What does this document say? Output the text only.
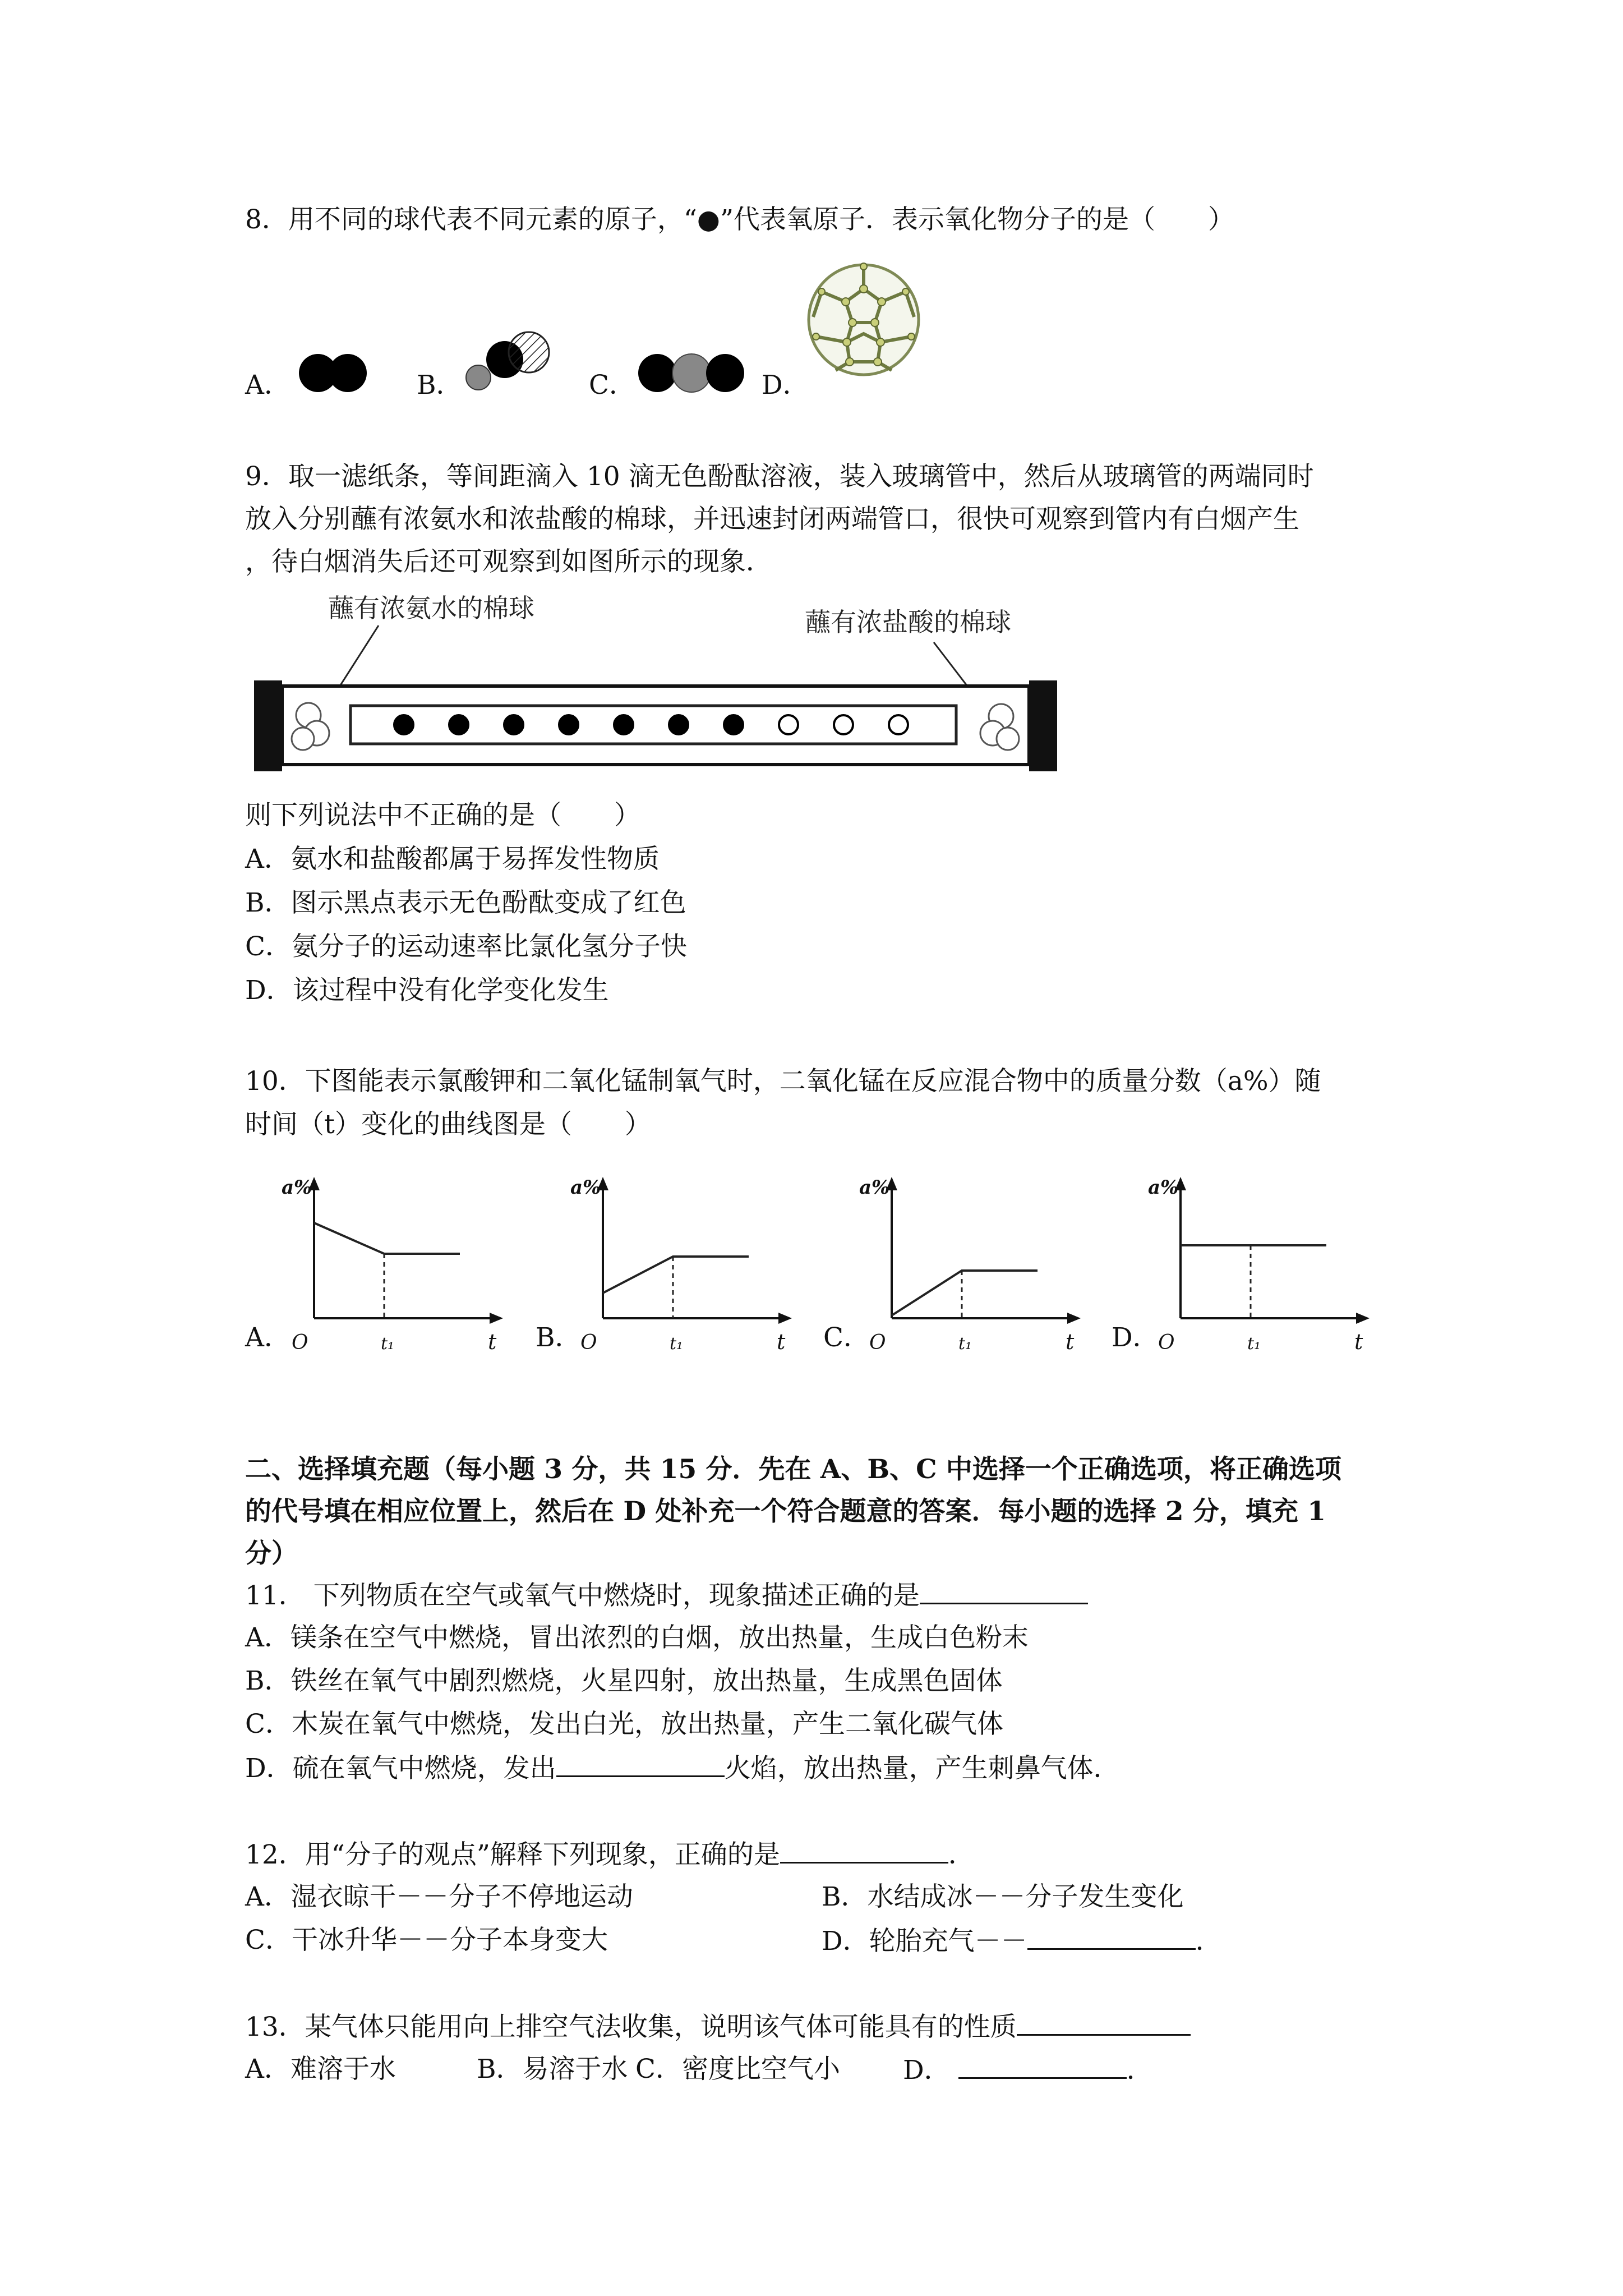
8．用不同的球代表不同元素的原子，“●”代表氧原子．表示氧化物分子的是（　　）
A．	B．	C．	D．
9．取一滤纸条，等间距滴入 10 滴无色酚酞溶液，装入玻璃管中，然后从玻璃管的两端同时
放入分别蘸有浓氨水和浓盐酸的棉球，并迅速封闭两端管口，很快可观察到管内有白烟产生
，待白烟消失后还可观察到如图所示的现象．
蘸有浓氨水的棉球	蘸有浓盐酸的棉球
则下列说法中不正确的是（　　）
A．氨水和盐酸都属于易挥发性物质
B．图示黑点表示无色酚酞变成了红色
C．氨分子的运动速率比氯化氢分子快
D．该过程中没有化学变化发生
10．下图能表示氯酸钾和二氧化锰制氧气时，二氧化锰在反应混合物中的质量分数（a%）随
时间（t）变化的曲线图是（　　）
A．	t₁
O	t
a%
B．	t₁
O	t
a%
C．	t₁
O	t
a%
D．	t₁
O	t
a%
二、选择填充题（每小题 3 分，共 15 分．先在 A、B、C 中选择一个正确选项，将正确选项
的代号填在相应位置上，然后在 D 处补充一个符合题意的答案．每小题的选择 2 分，填充 1
分）
11． 下列物质在空气或氧气中燃烧时，现象描述正确的是
A．镁条在空气中燃烧，冒出浓烈的白烟，放出热量，生成白色粉末
B．铁丝在氧气中剧烈燃烧，火星四射，放出热量，生成黑色固体
C．木炭在氧气中燃烧，发出白光，放出热量，产生二氧化碳气体
D．硫在氧气中燃烧，发出	火焰，放出热量，产生刺鼻气体．
12．用“分子的观点”解释下列现象，正确的是	．
A．湿衣晾干－－分子不停地运动	B．水结成冰－－分子发生变化
C．干冰升华－－分子本身变大	D．轮胎充气－－	．
13．某气体只能用向上排空气法收集，说明该气体可能具有的性质
A．难溶于水	B．易溶于水 C．密度比空气小 D．	．
